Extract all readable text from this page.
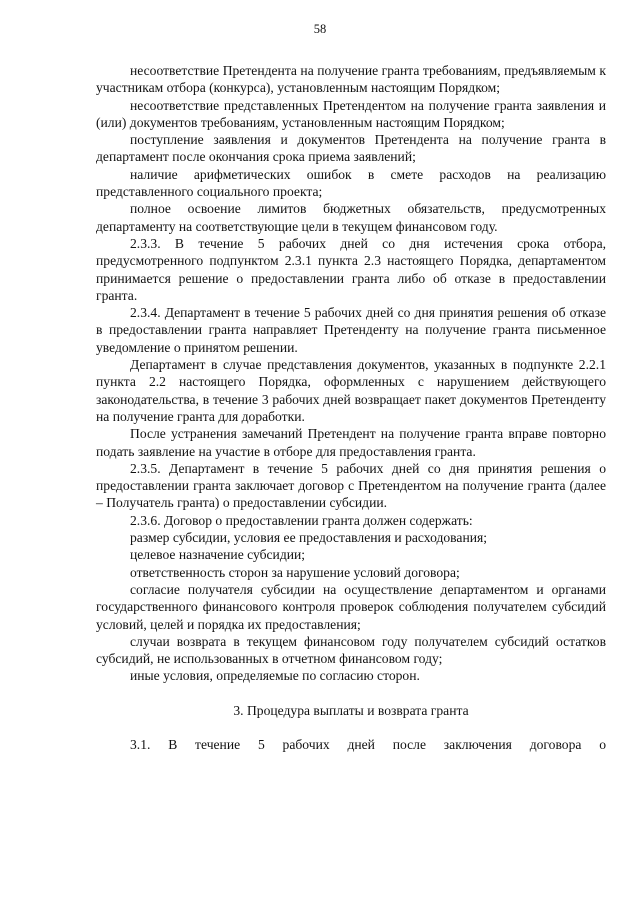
58

несоответствие Претендента на получение гранта требованиям, предъявляемым к участникам отбора (конкурса), установленным настоящим Порядком;

несоответствие представленных Претендентом на получение гранта заявления и (или) документов требованиям, установленным настоящим Порядком;

поступление заявления и документов Претендента на получение гранта в департамент после окончания срока приема заявлений;

наличие арифметических ошибок в смете расходов на реализацию представленного социального проекта;

полное освоение лимитов бюджетных обязательств, предусмотренных департаменту на соответствующие цели в текущем финансовом году.

2.3.3. В течение 5 рабочих дней со дня истечения срока отбора, предусмотренного подпунктом 2.3.1 пункта 2.3 настоящего Порядка, департаментом принимается решение о предоставлении гранта либо об отказе в предоставлении гранта.

2.3.4. Департамент в течение 5 рабочих дней со дня принятия решения об отказе в предоставлении гранта направляет Претенденту на получение гранта письменное уведомление о принятом решении.

Департамент в случае представления документов, указанных в подпункте 2.2.1 пункта 2.2 настоящего Порядка, оформленных с нарушением действующего законодательства, в течение 3 рабочих дней возвращает пакет документов Претенденту на получение гранта для доработки.

После устранения замечаний Претендент на получение гранта вправе повторно подать заявление на участие в отборе для предоставления гранта.

2.3.5. Департамент в течение 5 рабочих дней со дня принятия решения о предоставлении гранта заключает договор с Претендентом на получение гранта (далее – Получатель гранта) о предоставлении субсидии.

2.3.6. Договор о предоставлении гранта должен содержать:

размер субсидии, условия ее предоставления и расходования;

целевое назначение субсидии;

ответственность сторон за нарушение условий договора;

согласие получателя субсидии на осуществление департаментом и органами государственного финансового контроля проверок соблюдения получателем субсидий условий, целей и порядка их предоставления;

случаи возврата в текущем финансовом году получателем субсидий остатков субсидий, не использованных в отчетном финансовом году;

иные условия, определяемые по согласию сторон.

3. Процедура выплаты и возврата гранта

3.1. В течение 5 рабочих дней после заключения договора о
